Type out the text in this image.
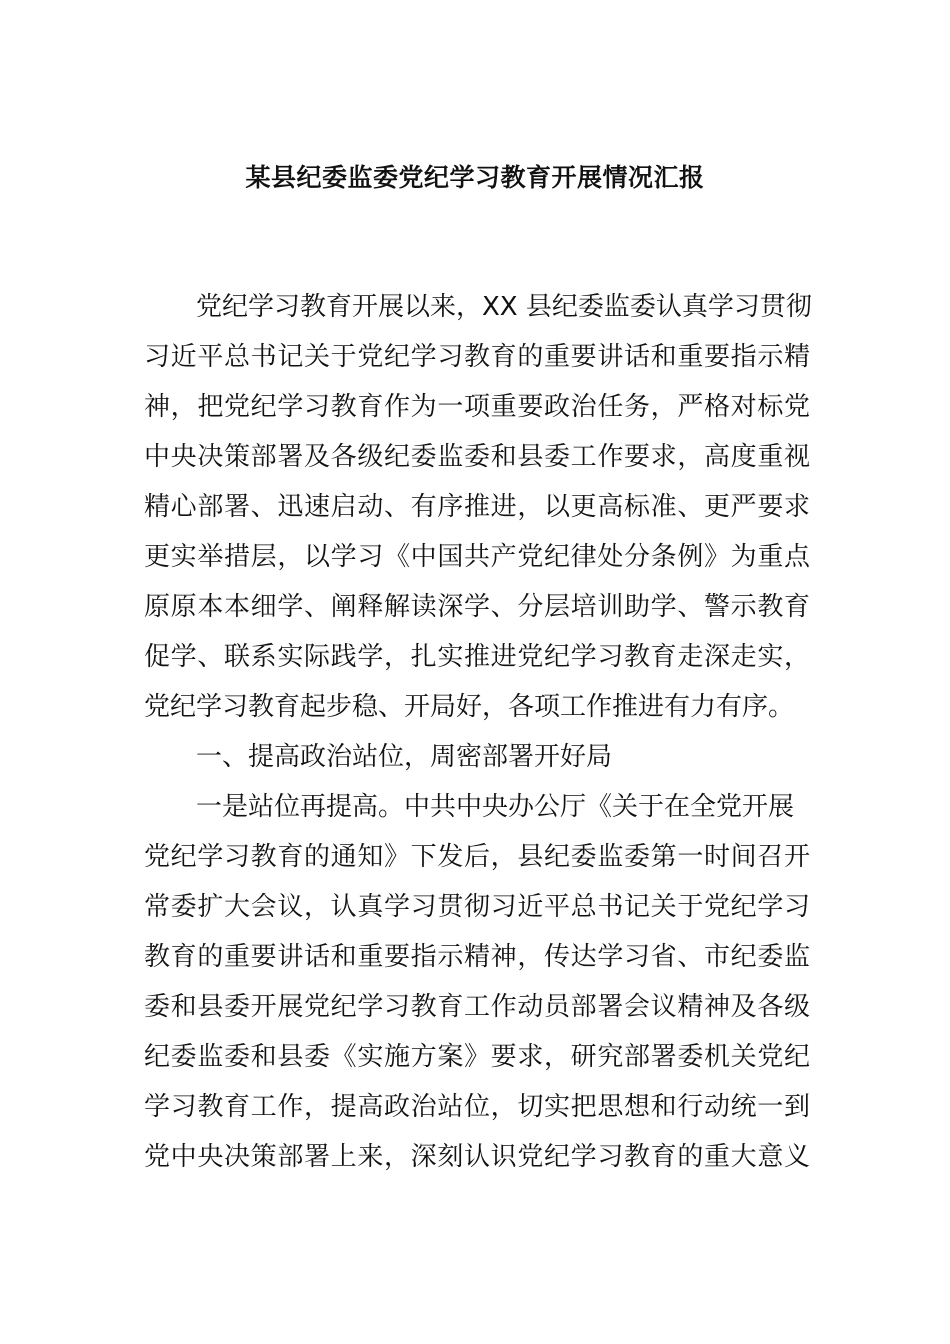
某县纪委监委党纪学习教育开展情况汇报
党纪学习教育开展以来，XX 县纪委监委认真学习贯彻
习近平总书记关于党纪学习教育的重要讲话和重要指示精
神，把党纪学习教育作为一项重要政治任务，严格对标党
中央决策部署及各级纪委监委和县委工作要求，高度重视
精心部署、迅速启动、有序推进，以更高标准、更严要求
更实举措层，以学习《中国共产党纪律处分条例》为重点
原原本本细学、阐释解读深学、分层培训助学、警示教育
促学、联系实际践学，扎实推进党纪学习教育走深走实，
党纪学习教育起步稳、开局好，各项工作推进有力有序。
一、提高政治站位，周密部署开好局
一是站位再提高。中共中央办公厅《关于在全党开展
党纪学习教育的通知》下发后，县纪委监委第一时间召开
常委扩大会议，认真学习贯彻习近平总书记关于党纪学习
教育的重要讲话和重要指示精神，传达学习省、市纪委监
委和县委开展党纪学习教育工作动员部署会议精神及各级
纪委监委和县委《实施方案》要求，研究部署委机关党纪
学习教育工作，提高政治站位，切实把思想和行动统一到
党中央决策部署上来，深刻认识党纪学习教育的重大意义
